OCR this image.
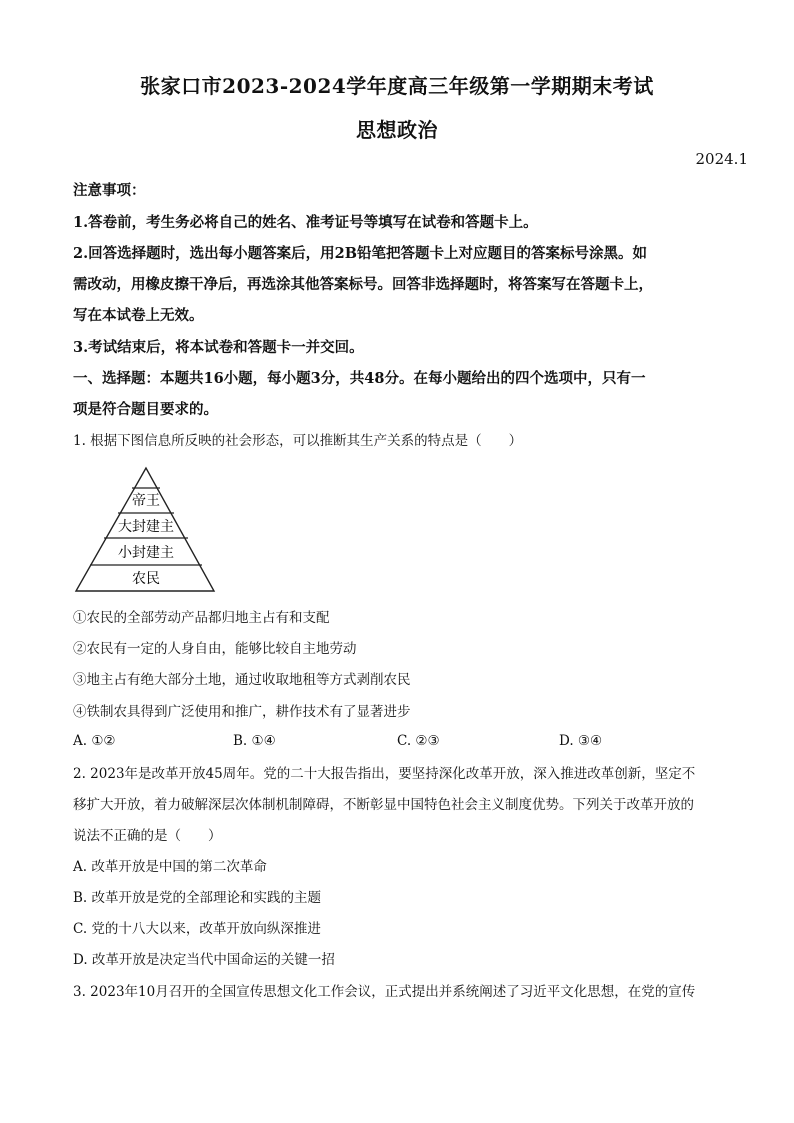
张家口市2023-2024学年度高三年级第一学期期末考试
思想政治
2024.1
注意事项：
1.答卷前，考生务必将自己的姓名、准考证号等填写在试卷和答题卡上。
2.回答选择题时，选出每小题答案后，用2B铅笔把答题卡上对应题目的答案标号涂黑。如
需改动，用橡皮擦干净后，再选涂其他答案标号。回答非选择题时，将答案写在答题卡上，
写在本试卷上无效。
3.考试结束后，将本试卷和答题卡一并交回。
一、选择题：本题共16小题，每小题3分，共48分。在每小题给出的四个选项中，只有一
项是符合题目要求的。
1. 根据下图信息所反映的社会形态，可以推断其生产关系的特点是（　　）
帝王
大封建主
小封建主
农民
①农民的全部劳动产品都归地主占有和支配
②农民有一定的人身自由，能够比较自主地劳动
③地主占有绝大部分土地，通过收取地租等方式剥削农民
④铁制农具得到广泛使用和推广，耕作技术有了显著进步
A. ①②	B. ①④	C. ②③	D. ③④
2. 2023年是改革开放45周年。党的二十大报告指出，要坚持深化改革开放，深入推进改革创新，坚定不
移扩大开放，着力破解深层次体制机制障碍，不断彰显中国特色社会主义制度优势。下列关于改革开放的
说法不正确的是（　　）
A. 改革开放是中国的第二次革命
B. 改革开放是党的全部理论和实践的主题
C. 党的十八大以来，改革开放向纵深推进
D. 改革开放是决定当代中国命运的关键一招
3. 2023年10月召开的全国宣传思想文化工作会议，正式提出并系统阐述了习近平文化思想，在党的宣传
